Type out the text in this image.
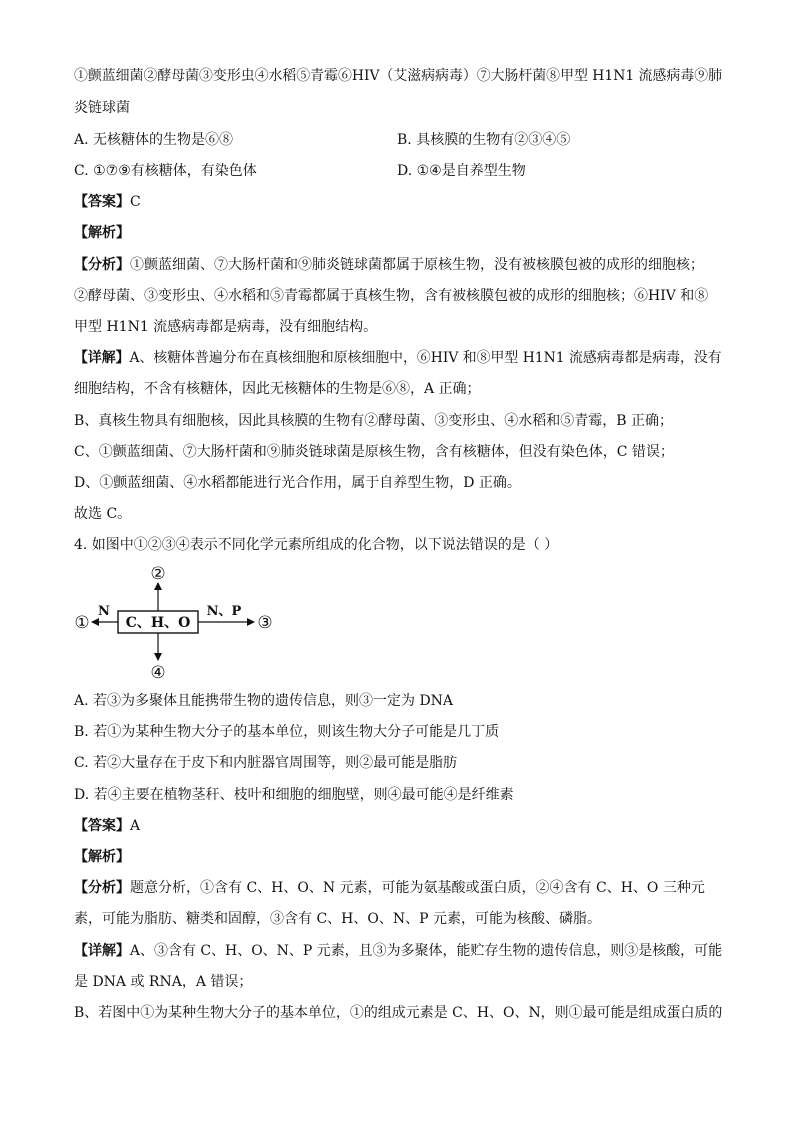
①颤蓝细菌②酵母菌③变形虫④水稻⑤青霉⑥HIV（艾滋病病毒）⑦大肠杆菌⑧甲型 H1N1 流感病毒⑨肺
炎链球菌
A. 无核糖体的生物是⑥⑧	B. 具核膜的生物有②③④⑤
C. ①⑦⑨有核糖体，有染色体	D. ①④是自养型生物
【答案】C
【解析】
【分析】①颤蓝细菌、⑦大肠杆菌和⑨肺炎链球菌都属于原核生物，没有被核膜包被的成形的细胞核；
②酵母菌、③变形虫、④水稻和⑤青霉都属于真核生物，含有被核膜包被的成形的细胞核；⑥HIV 和⑧
甲型 H1N1 流感病毒都是病毒，没有细胞结构。
【详解】A、核糖体普遍分布在真核细胞和原核细胞中，⑥HIV 和⑧甲型 H1N1 流感病毒都是病毒，没有
细胞结构，不含有核糖体，因此无核糖体的生物是⑥⑧，A 正确；
B、真核生物具有细胞核，因此具核膜的生物有②酵母菌、③变形虫、④水稻和⑤青霉，B 正确；
C、①颤蓝细菌、⑦大肠杆菌和⑨肺炎链球菌是原核生物，含有核糖体，但没有染色体，C 错误；
D、①颤蓝细菌、④水稻都能进行光合作用，属于自养型生物，D 正确。
故选 C。
4. 如图中①②③④表示不同化学元素所组成的化合物，以下说法错误的是（ ）
C、H、O
N	N、P
②
④
①	③
A. 若③为多聚体且能携带生物的遗传信息，则③一定为 DNA
B. 若①为某种生物大分子的基本单位，则该生物大分子可能是几丁质
C. 若②大量存在于皮下和内脏器官周围等，则②最可能是脂肪
D. 若④主要在植物茎秆、枝叶和细胞的细胞壁，则④最可能④是纤维素
【答案】A
【解析】
【分析】题意分析，①含有 C、H、O、N 元素，可能为氨基酸或蛋白质，②④含有 C、H、O 三种元
素，可能为脂肪、糖类和固醇，③含有 C、H、O、N、P 元素，可能为核酸、磷脂。
【详解】A、③含有 C、H、O、N、P 元素，且③为多聚体，能贮存生物的遗传信息，则③是核酸，可能
是 DNA 或 RNA，A 错误；
B、若图中①为某种生物大分子的基本单位，①的组成元素是 C、H、O、N，则①最可能是组成蛋白质的
